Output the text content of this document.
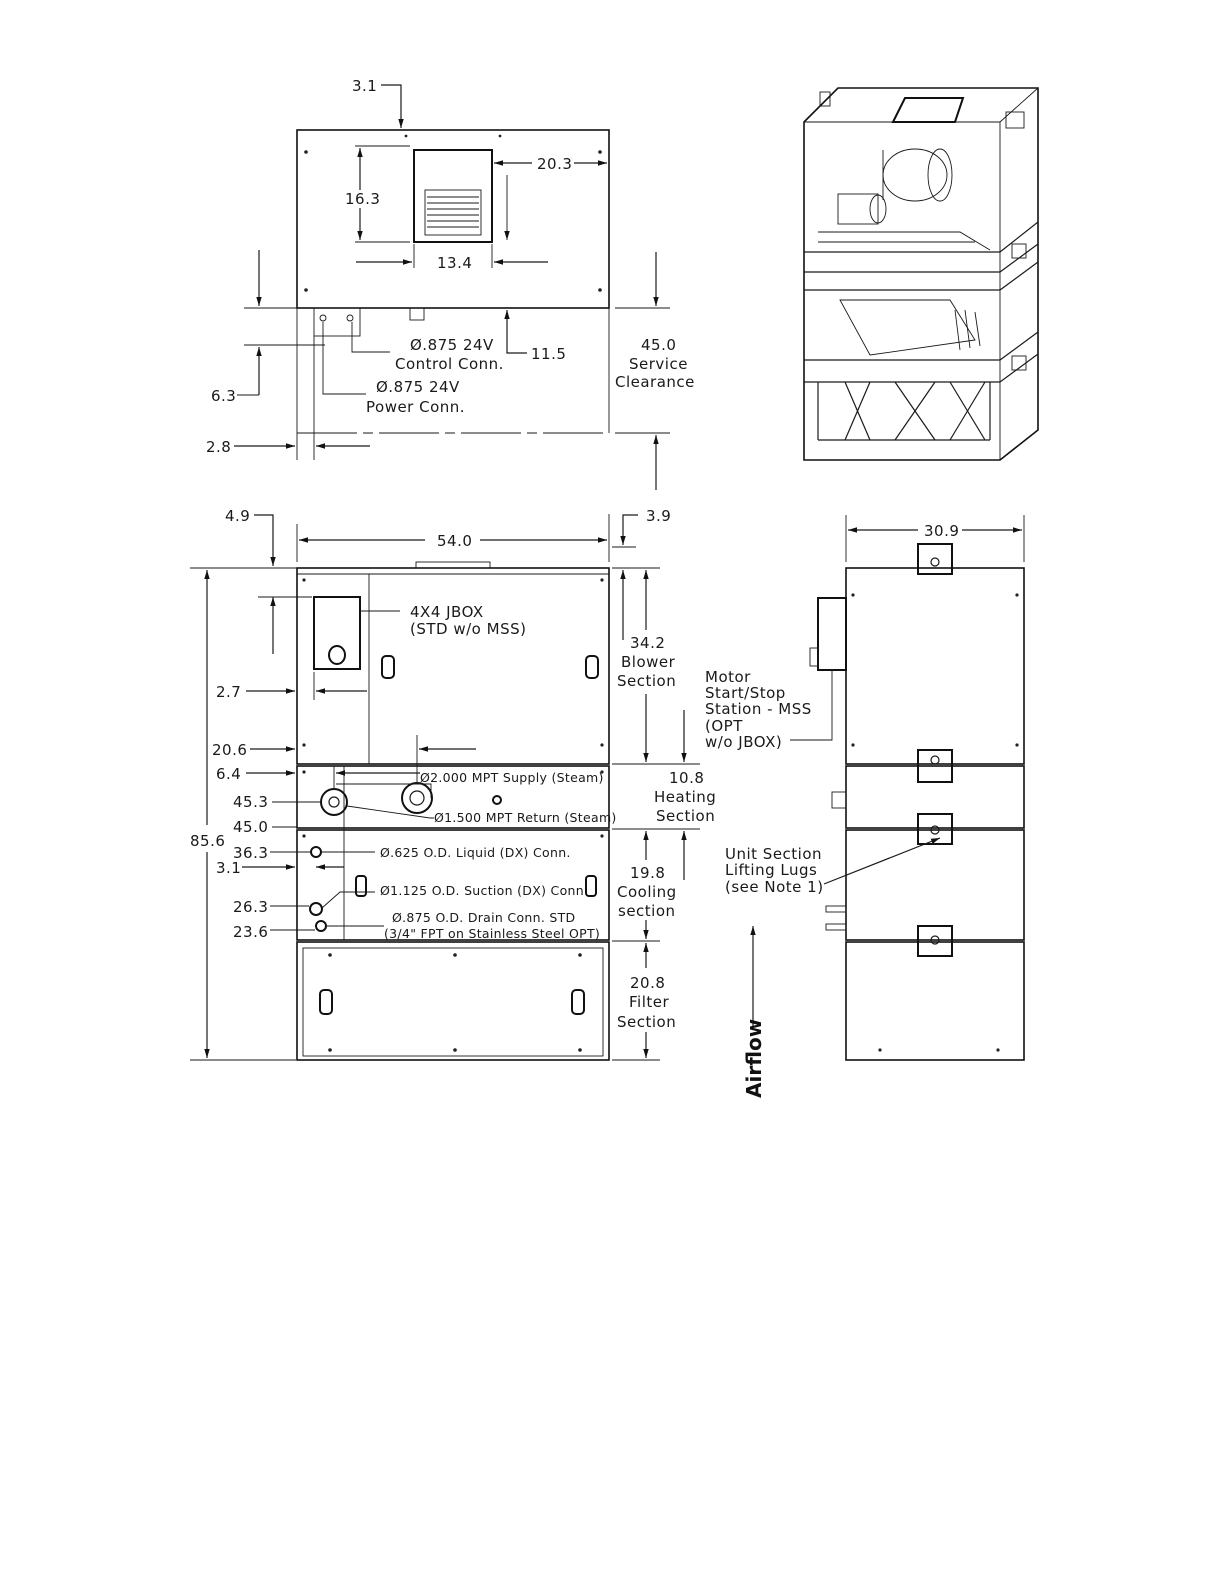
3.1
16.3
20.3
13.4
6.3
11.5
Ø.875 24V
Control Conn.
Ø.875 24V
Power Conn.
2.8
45.0
Service
Clearance
4.9
54.0
3.9
4X4 JBOX
(STD w/o MSS)
2.7
20.6
6.4
45.3
45.0
85.6
36.3
3.1
26.3
23.6
Ø2.000 MPT Supply (Steam)
Ø1.500 MPT Return (Steam)
Ø.625 O.D. Liquid (DX) Conn.
Ø1.125 O.D. Suction (DX) Conn.
Ø.875 O.D. Drain Conn. STD
(3/4" FPT on Stainless Steel OPT)
34.2
Blower
Section
10.8
Heating
Section
19.8
Cooling
section
20.8
Filter
Section
30.9
Motor
Start/Stop
Station - MSS
(OPT
w/o JBOX)
Unit Section
Lifting Lugs
(see Note 1)
Airflow
